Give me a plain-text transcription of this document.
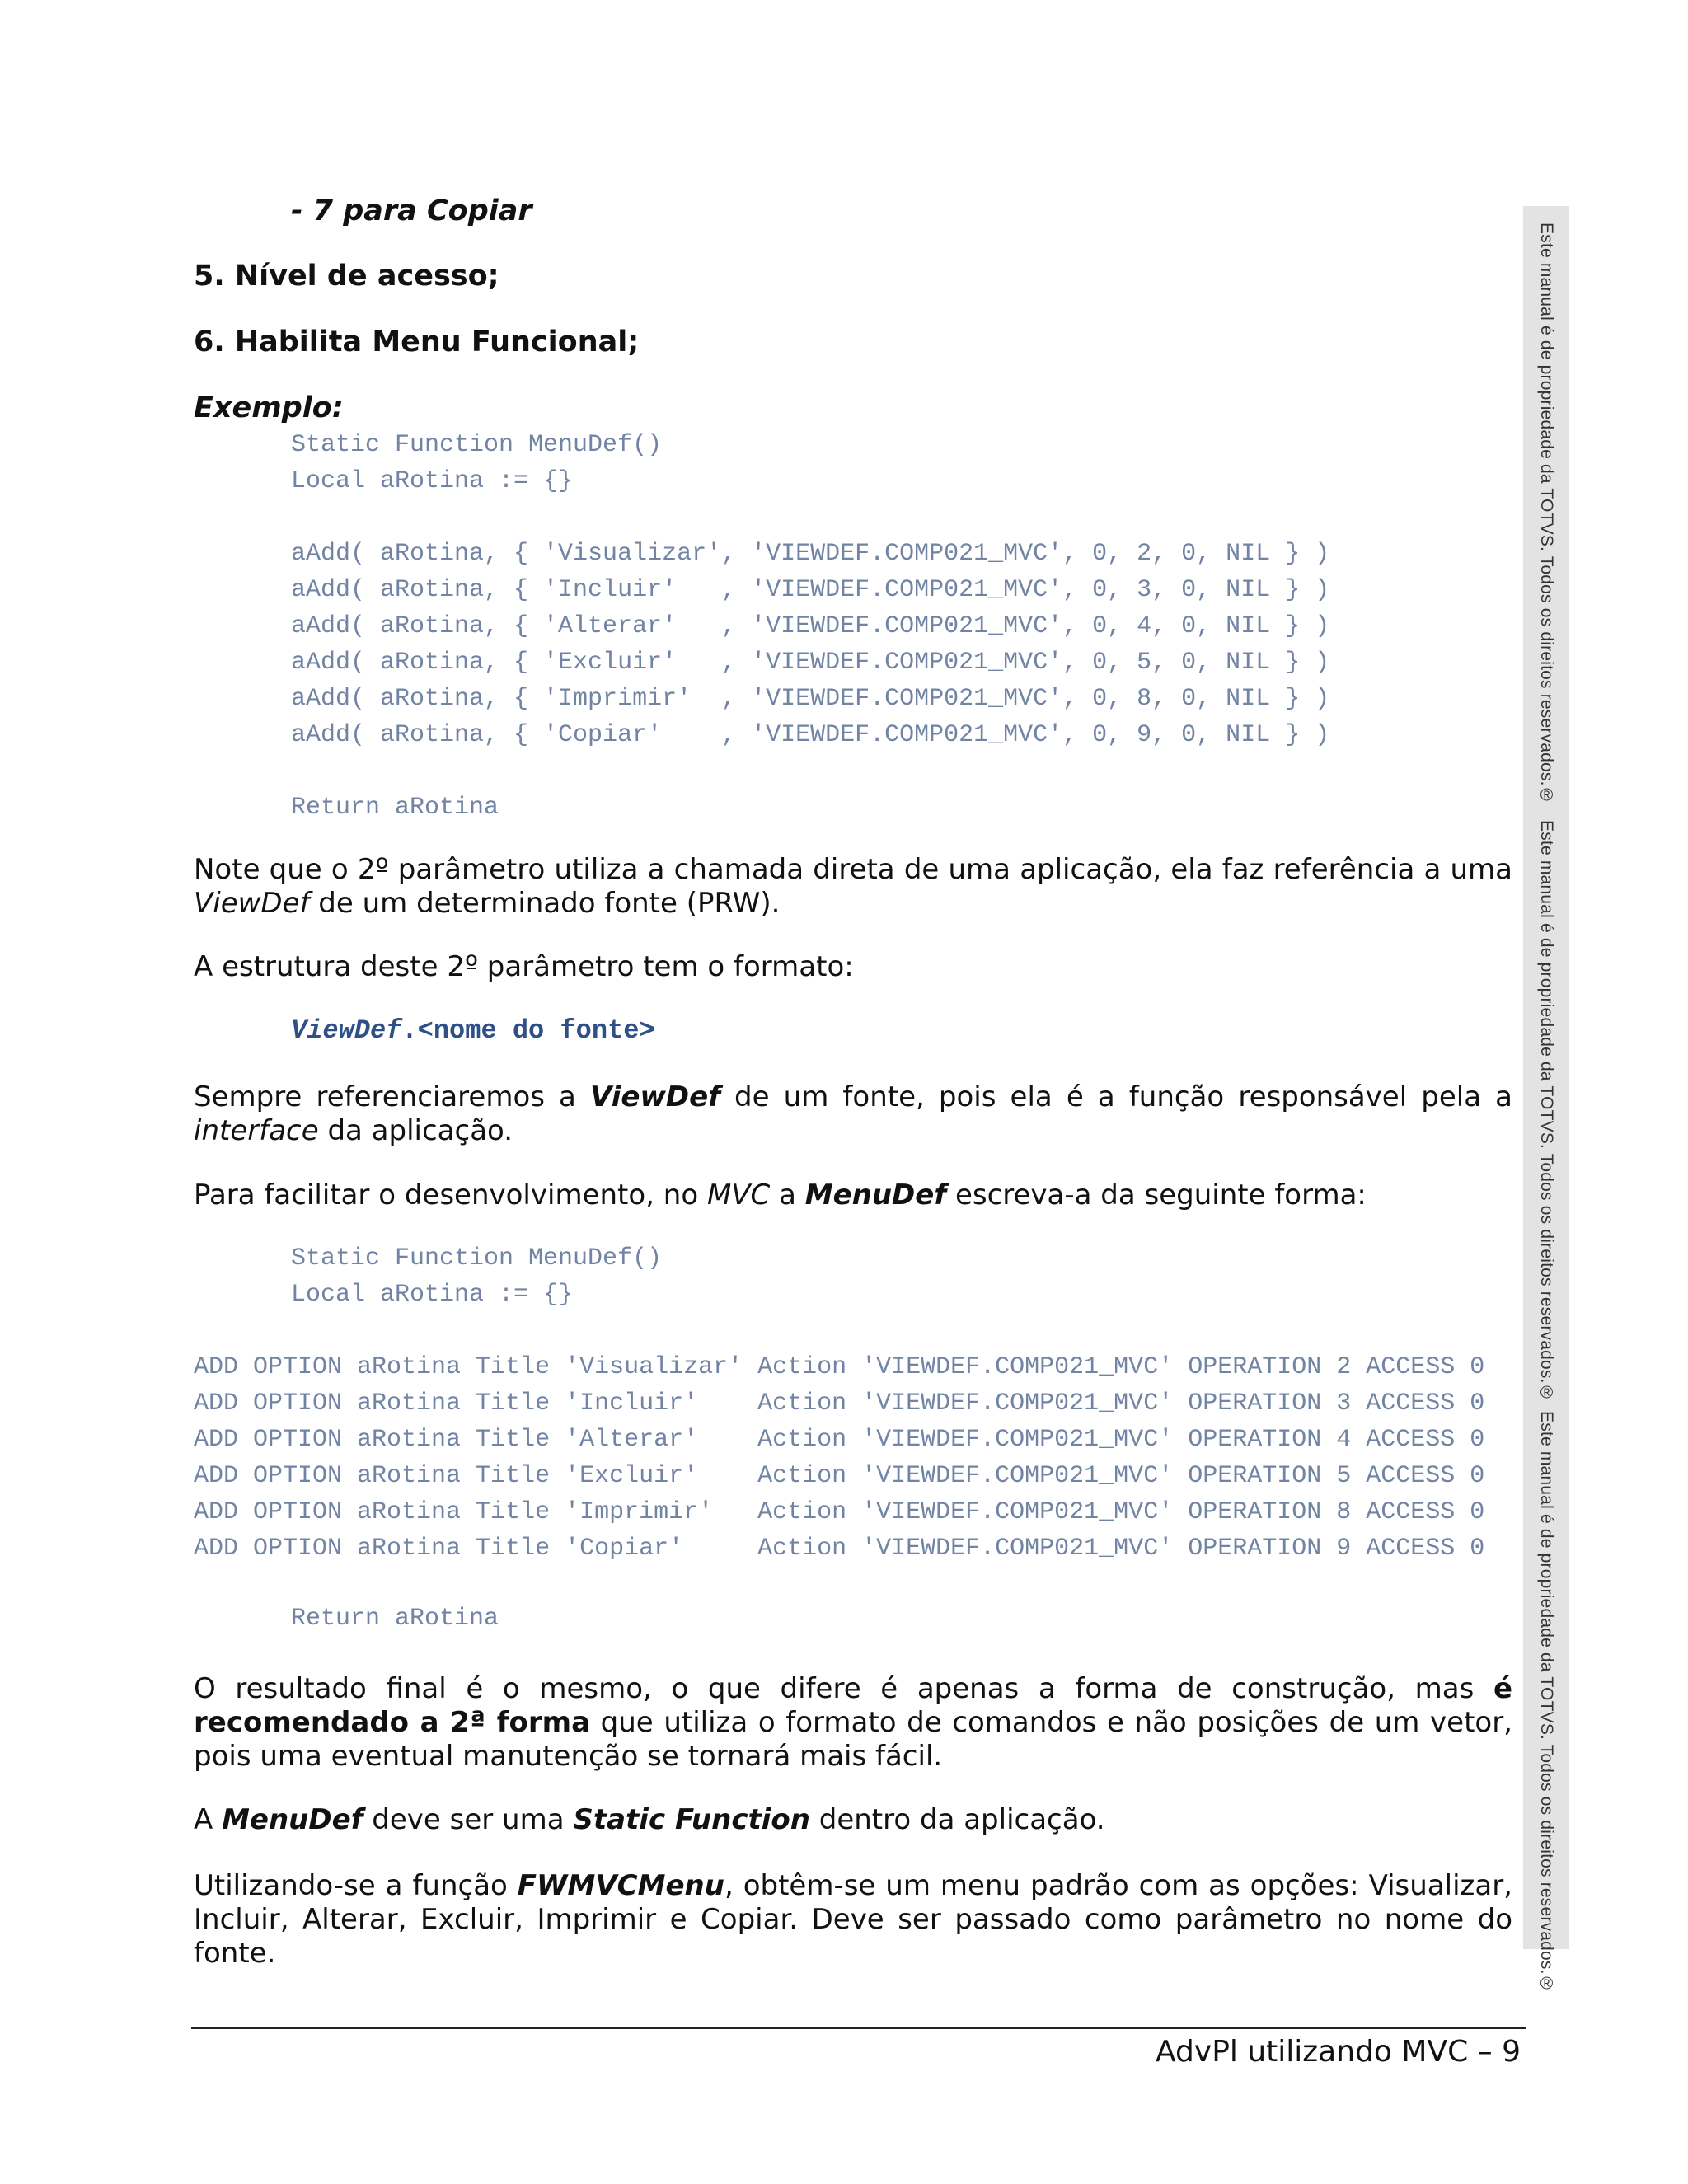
- 7 para Copiar
5. Nível de acesso;
6. Habilita Menu Funcional;
Exemplo:
Static Function MenuDef()
Local aRotina := {}

aAdd( aRotina, { 'Visualizar', 'VIEWDEF.COMP021_MVC', 0, 2, 0, NIL } )
aAdd( aRotina, { 'Incluir'   , 'VIEWDEF.COMP021_MVC', 0, 3, 0, NIL } )
aAdd( aRotina, { 'Alterar'   , 'VIEWDEF.COMP021_MVC', 0, 4, 0, NIL } )
aAdd( aRotina, { 'Excluir'   , 'VIEWDEF.COMP021_MVC', 0, 5, 0, NIL } )
aAdd( aRotina, { 'Imprimir'  , 'VIEWDEF.COMP021_MVC', 0, 8, 0, NIL } )
aAdd( aRotina, { 'Copiar'    , 'VIEWDEF.COMP021_MVC', 0, 9, 0, NIL } )

Return aRotina
Note que o 2º parâmetro utiliza a chamada direta de uma aplicação, ela faz referência a uma ViewDef de um determinado fonte (PRW).
A estrutura deste 2º parâmetro tem o formato:
ViewDef.<nome do fonte>
Sempre referenciaremos a ViewDef de um fonte, pois ela é a função responsável pela a interface da aplicação.
Para facilitar o desenvolvimento, no MVC a MenuDef escreva-a da seguinte forma:
Static Function MenuDef()
Local aRotina := {}
ADD OPTION aRotina Title 'Visualizar' Action 'VIEWDEF.COMP021_MVC' OPERATION 2 ACCESS 0
ADD OPTION aRotina Title 'Incluir'    Action 'VIEWDEF.COMP021_MVC' OPERATION 3 ACCESS 0
ADD OPTION aRotina Title 'Alterar'    Action 'VIEWDEF.COMP021_MVC' OPERATION 4 ACCESS 0
ADD OPTION aRotina Title 'Excluir'    Action 'VIEWDEF.COMP021_MVC' OPERATION 5 ACCESS 0
ADD OPTION aRotina Title 'Imprimir'   Action 'VIEWDEF.COMP021_MVC' OPERATION 8 ACCESS 0
ADD OPTION aRotina Title 'Copiar'     Action 'VIEWDEF.COMP021_MVC' OPERATION 9 ACCESS 0
Return aRotina
O resultado final é o mesmo, o que difere é apenas a forma de construção, mas é recomendado a 2ª forma que utiliza o formato de comandos e não posições de um vetor, pois uma eventual manutenção se tornará mais fácil.
A MenuDef deve ser uma Static Function dentro da aplicação.
Utilizando-se a função FWMVCMenu, obtêm-se um menu padrão com as opções: Visualizar, Incluir, Alterar, Excluir, Imprimir e Copiar. Deve ser passado como parâmetro no nome do fonte.
Este manual é de propriedade da TOTVS. Todos os direitos reservados.®
Este manual é de propriedade da TOTVS. Todos os direitos reservados.®
Este manual é de propriedade da TOTVS. Todos os direitos reservados.®
AdvPl utilizando MVC – 9
